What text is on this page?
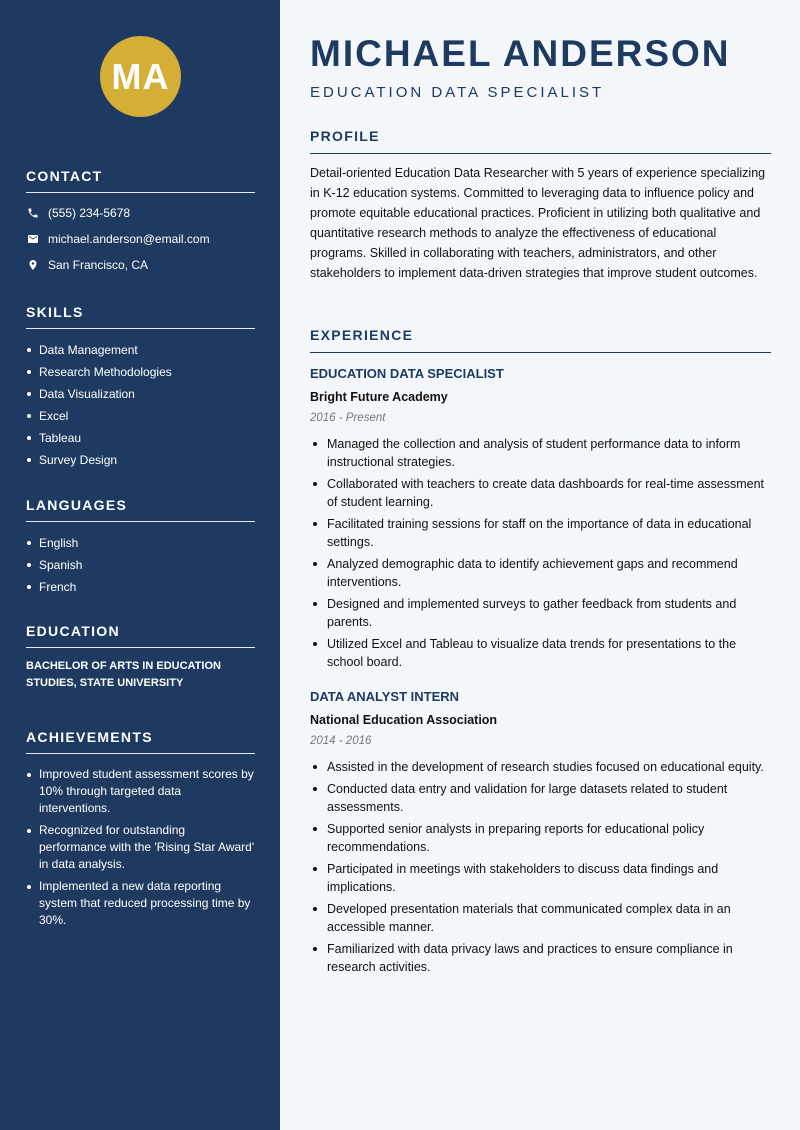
MA
CONTACT
(555) 234-5678
michael.anderson@email.com
San Francisco, CA
SKILLS
Data Management
Research Methodologies
Data Visualization
Excel
Tableau
Survey Design
LANGUAGES
English
Spanish
French
EDUCATION
BACHELOR OF ARTS IN EDUCATION STUDIES, STATE UNIVERSITY
ACHIEVEMENTS
Improved student assessment scores by 10% through targeted data interventions.
Recognized for outstanding performance with the 'Rising Star Award' in data analysis.
Implemented a new data reporting system that reduced processing time by 30%.
MICHAEL ANDERSON
EDUCATION DATA SPECIALIST
PROFILE
Detail-oriented Education Data Researcher with 5 years of experience specializing in K-12 education systems. Committed to leveraging data to influence policy and promote equitable educational practices. Proficient in utilizing both qualitative and quantitative research methods to analyze the effectiveness of educational programs. Skilled in collaborating with teachers, administrators, and other stakeholders to implement data-driven strategies that improve student outcomes.
EXPERIENCE
EDUCATION DATA SPECIALIST
Bright Future Academy
2016 - Present
Managed the collection and analysis of student performance data to inform instructional strategies.
Collaborated with teachers to create data dashboards for real-time assessment of student learning.
Facilitated training sessions for staff on the importance of data in educational settings.
Analyzed demographic data to identify achievement gaps and recommend interventions.
Designed and implemented surveys to gather feedback from students and parents.
Utilized Excel and Tableau to visualize data trends for presentations to the school board.
DATA ANALYST INTERN
National Education Association
2014 - 2016
Assisted in the development of research studies focused on educational equity.
Conducted data entry and validation for large datasets related to student assessments.
Supported senior analysts in preparing reports for educational policy recommendations.
Participated in meetings with stakeholders to discuss data findings and implications.
Developed presentation materials that communicated complex data in an accessible manner.
Familiarized with data privacy laws and practices to ensure compliance in research activities.
